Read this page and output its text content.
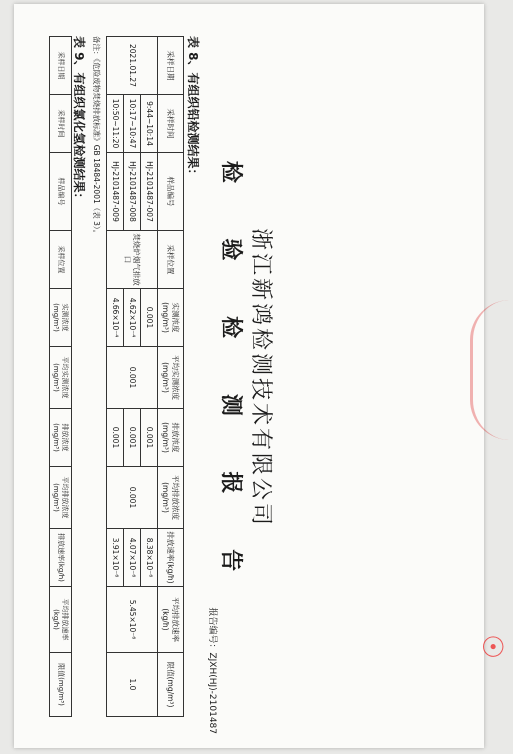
浙江新鸿检测技术有限公司
检 验 检 测 报 告
报告编号：ZJXH(HJ)-2101487
表 8、有组织铅检测结果：
采样日期	采样时间	样品编号	采样位置	实测浓度(mg/m³)	平均实测浓度(mg/m³)	排放浓度(mg/m³)	平均排放浓度(mg/m³)	排放速率(kg/h)	平均排放速率(kg/h)	限值(mg/m³)
2021.01.27	9:44~10:14	HJ-2101487-007	焚烧炉烟气排放口	0.001	0.001	0.001	0.001	8.38×10⁻⁶	5.45×10⁻⁶	1.0
	10:17~10:47	HJ-2101487-008		4.62×10⁻⁴		0.001		4.07×10⁻⁶		
	10:50~11:20	HJ-2101487-009		4.66×10⁻⁴		0.001		3.91×10⁻⁶		
备注：《危险废物焚烧排放标准》GB 18484-2001（表 3）。
表 9、有组织氯化氢检测结果：
采样日期	采样时间	样品编号	采样位置	实测浓度(mg/m³)	平均实测浓度(mg/m³)	排放浓度(mg/m³)	平均排放浓度(mg/m³)	排放速率(kg/h)	平均排放速率(kg/h)	限值(mg/m³)
☉
